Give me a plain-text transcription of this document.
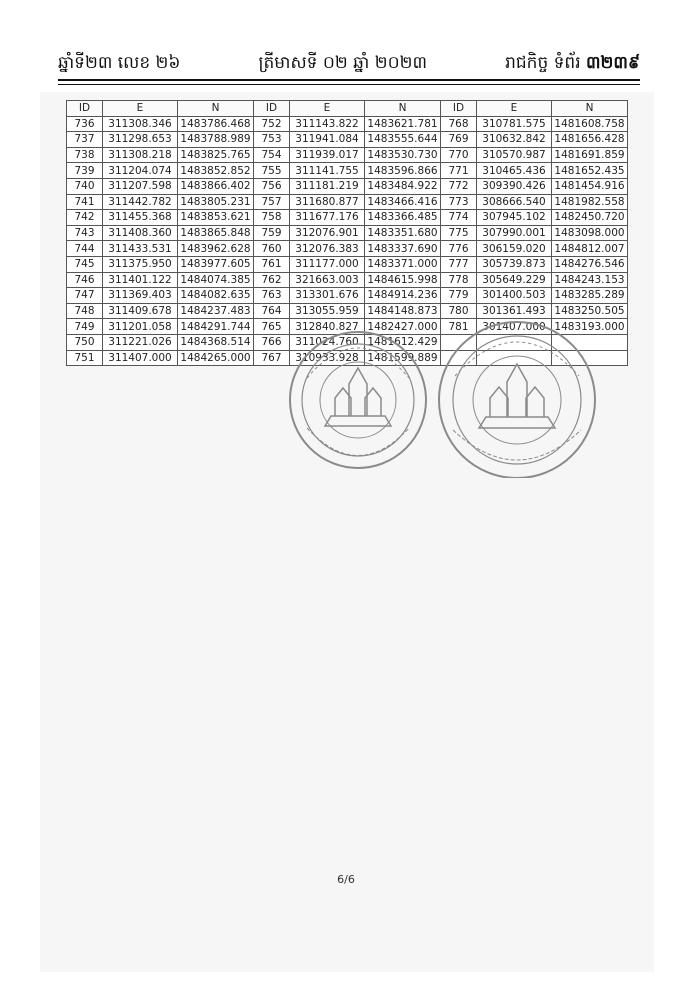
ឆ្នាំទី២៣ លេខ ២៦	ត្រីមាសទី ០២ ឆ្នាំ ២០២៣	រាជកិច្ច ទំព័រ ៣២៣៩
ID	E	N	ID	E	N	ID	E	N
736	311308.346	1483786.468	752	311143.822	1483621.781	768	310781.575	1481608.758
737	311298.653	1483788.989	753	311941.084	1483555.644	769	310632.842	1481656.428
738	311308.218	1483825.765	754	311939.017	1483530.730	770	310570.987	1481691.859
739	311204.074	1483852.852	755	311141.755	1483596.866	771	310465.436	1481652.435
740	311207.598	1483866.402	756	311181.219	1483484.922	772	309390.426	1481454.916
741	311442.782	1483805.231	757	311680.877	1483466.416	773	308666.540	1481982.558
742	311455.368	1483853.621	758	311677.176	1483366.485	774	307945.102	1482450.720
743	311408.360	1483865.848	759	312076.901	1483351.680	775	307990.001	1483098.000
744	311433.531	1483962.628	760	312076.383	1483337.690	776	306159.020	1484812.007
745	311375.950	1483977.605	761	311177.000	1483371.000	777	305739.873	1484276.546
746	311401.122	1484074.385	762	321663.003	1484615.998	778	305649.229	1484243.153
747	311369.403	1484082.635	763	313301.676	1484914.236	779	301400.503	1483285.289
748	311409.678	1484237.483	764	313055.959	1484148.873	780	301361.493	1483250.505
749	311201.058	1484291.744	765	312840.827	1482427.000	781	301407.000	1483193.000
750	311221.026	1484368.514	766	311024.760	1481612.429			
751	311407.000	1484265.000	767	310933.928	1481599.889			
6/6
